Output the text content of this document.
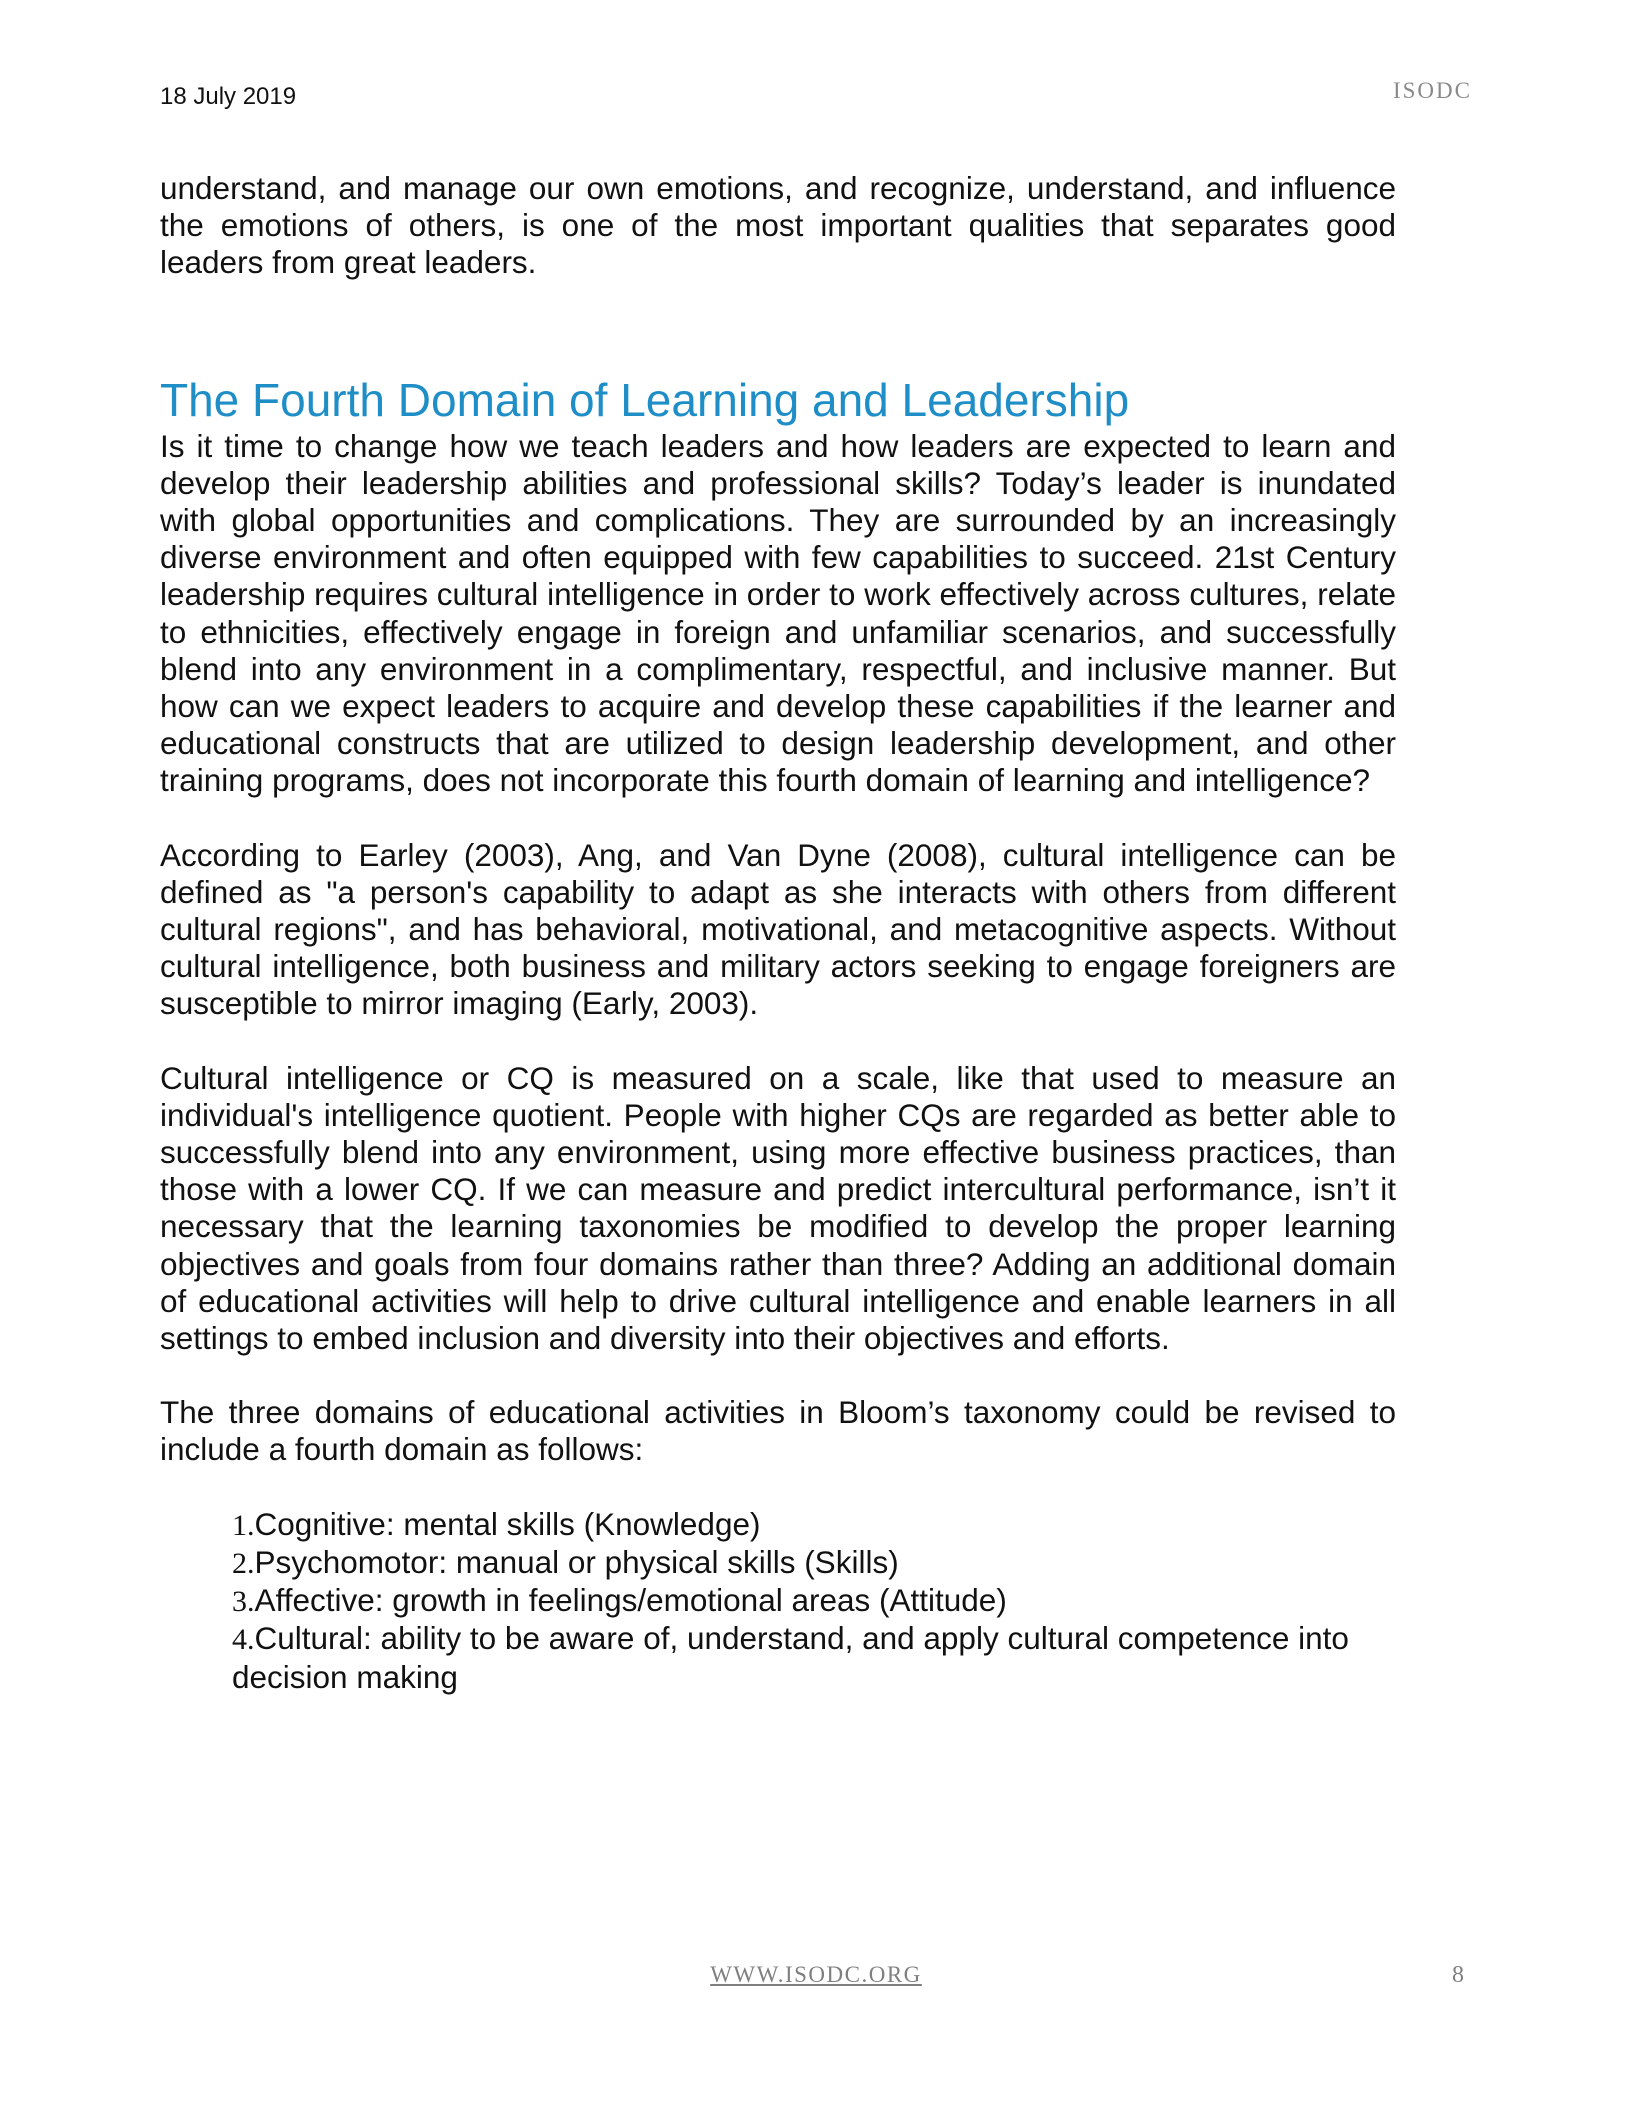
18 July 2019	ISODC

understand, and manage our own emotions, and recognize, understand, and influence the emotions of others, is one of the most important qualities that separates good leaders from great leaders.

The Fourth Domain of Learning and Leadership

Is it time to change how we teach leaders and how leaders are expected to learn and develop their leadership abilities and professional skills? Today’s leader is inundated with global opportunities and complications. They are surrounded by an increasingly diverse environment and often equipped with few capabilities to succeed. 21st Century leadership requires cultural intelligence in order to work effectively across cultures, relate to ethnicities, effectively engage in foreign and unfamiliar scenarios, and successfully blend into any environment in a complimentary, respectful, and inclusive manner. But how can we expect leaders to acquire and develop these capabilities if the learner and educational constructs that are utilized to design leadership development, and other training programs, does not incorporate this fourth domain of learning and intelligence?

According to Earley (2003), Ang, and Van Dyne (2008), cultural intelligence can be defined as "a person's capability to adapt as she interacts with others from different cultural regions", and has behavioral, motivational, and metacognitive aspects. Without cultural intelligence, both business and military actors seeking to engage foreigners are susceptible to mirror imaging (Early, 2003).

Cultural intelligence or CQ is measured on a scale, like that used to measure an individual's intelligence quotient. People with higher CQs are regarded as better able to successfully blend into any environment, using more effective business practices, than those with a lower CQ. If we can measure and predict intercultural performance, isn’t it necessary that the learning taxonomies be modified to develop the proper learning objectives and goals from four domains rather than three? Adding an additional domain of educational activities will help to drive cultural intelligence and enable learners in all settings to embed inclusion and diversity into their objectives and efforts.

The three domains of educational activities in Bloom’s taxonomy could be revised to include a fourth domain as follows:

1.Cognitive: mental skills (Knowledge)
2.Psychomotor: manual or physical skills (Skills)
3.Affective: growth in feelings/emotional areas (Attitude)
4.Cultural: ability to be aware of, understand, and apply cultural competence into decision making
WWW.ISODC.ORG	8
